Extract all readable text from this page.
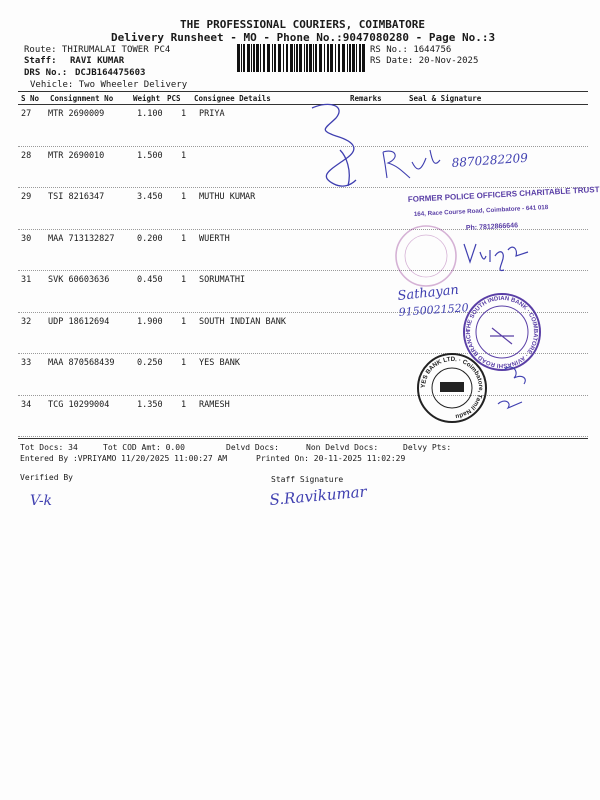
THE PROFESSIONAL COURIERS, COIMBATORE
Delivery Runsheet - MO - Phone No.:9047080280 - Page No.:3
Route: THIRUMALAI TOWER PC4
Staff: RAVI KUMAR
DRS No.: DCJB164475603
Vehicle: Two Wheeler Delivery
RS No.: 1644756
RS Date: 20-Nov-2025
S No Consignment No	Weight PCS Consignee Details	Remarks	Seal & Signature
27 MTR 2690009	1.100 1 PRIYA
28 MTR 2690010	1.500 1
29 TSI 8216347	3.450 1 MUTHU KUMAR
30 MAA 713132827	0.200 1 WUERTH
31 SVK 60603636	0.450 1 SORUMATHI
32 UDP 18612694	1.900 1 SOUTH INDIAN BANK
33 MAA 870568439	0.250 1 YES BANK
34 TCG 10299004	1.350 1 RAMESH
Tot Docs: 34	Tot COD Amt: 0.00	Delvd Docs:	Non Delvd Docs:	Delvy Pts:
Entered By :VPRIYAMO 11/20/2025 11:00:27 AM	Printed On: 20-11-2025 11:02:29
Verified By	Staff Signature
8870282209
FORMER POLICE OFFICERS CHARITABLE TRUST
164, Race Course Road, Coimbatore - 641 018
Ph: 7812866646
Sathayan
9150021520
THE SOUTH INDIAN BANK · COIMBATORE · AVINASHI ROAD BRANCH
YES BANK LTD. · Coimbatore, Tamil Nadu
V-k	S.Ravikumar
